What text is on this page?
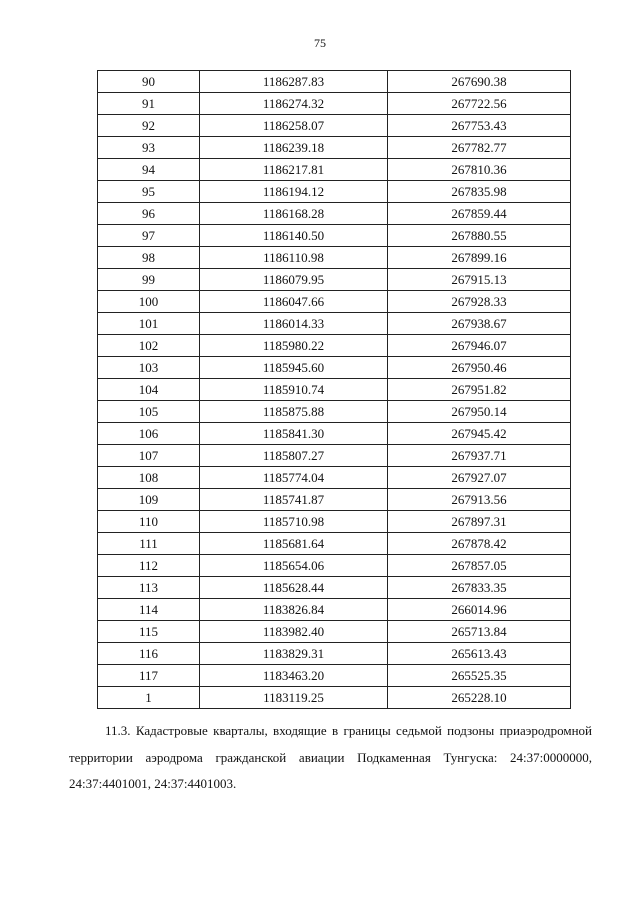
75
90	1186287.83	267690.38
91	1186274.32	267722.56
92	1186258.07	267753.43
93	1186239.18	267782.77
94	1186217.81	267810.36
95	1186194.12	267835.98
96	1186168.28	267859.44
97	1186140.50	267880.55
98	1186110.98	267899.16
99	1186079.95	267915.13
100	1186047.66	267928.33
101	1186014.33	267938.67
102	1185980.22	267946.07
103	1185945.60	267950.46
104	1185910.74	267951.82
105	1185875.88	267950.14
106	1185841.30	267945.42
107	1185807.27	267937.71
108	1185774.04	267927.07
109	1185741.87	267913.56
110	1185710.98	267897.31
111	1185681.64	267878.42
112	1185654.06	267857.05
113	1185628.44	267833.35
114	1183826.84	266014.96
115	1183982.40	265713.84
116	1183829.31	265613.43
117	1183463.20	265525.35
1	1183119.25	265228.10
11.3. Кадастровые кварталы, входящие в границы седьмой подзоны приаэродромной территории аэродрома гражданской авиации Подкаменная Тунгуска: 24:37:0000000, 24:37:4401001, 24:37:4401003.
